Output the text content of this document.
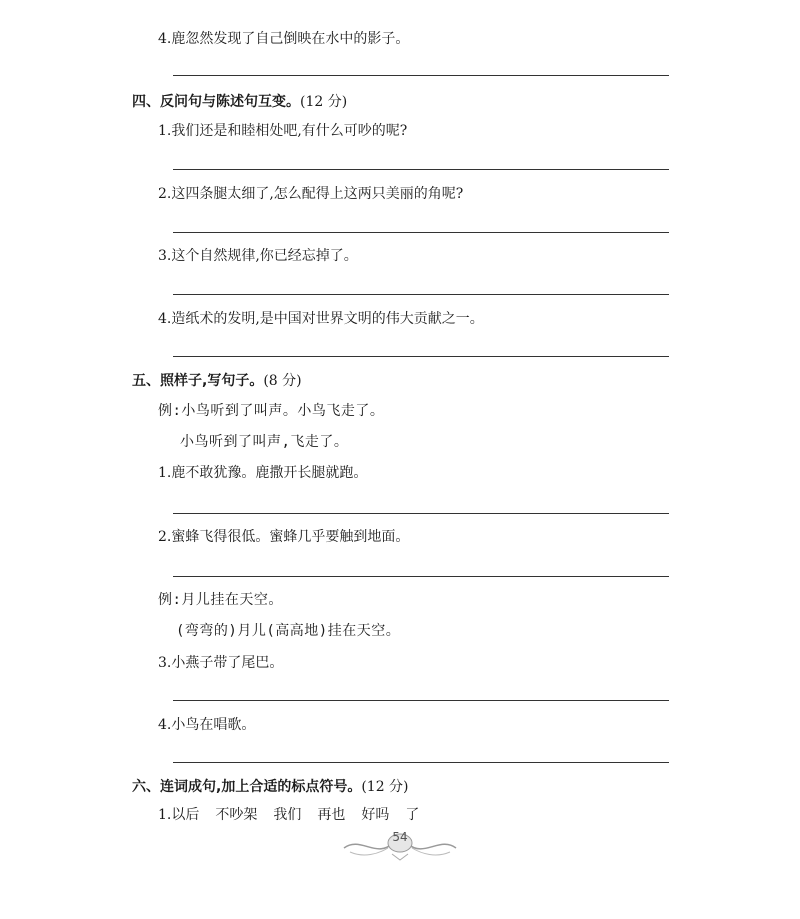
4.鹿忽然发现了自己倒映在水中的影子。
四、反问句与陈述句互变。(12 分)
1.我们还是和睦相处吧,有什么可吵的呢?
2.这四条腿太细了,怎么配得上这两只美丽的角呢?
3.这个自然规律,你已经忘掉了。
4.造纸术的发明,是中国对世界文明的伟大贡献之一。
五、照样子,写句子。(8 分)
例:小鸟听到了叫声。小鸟飞走了。
小鸟听到了叫声,飞走了。
1.鹿不敢犹豫。鹿撒开长腿就跑。
2.蜜蜂飞得很低。蜜蜂几乎要触到地面。
例:月儿挂在天空。
(弯弯的)月儿(高高地)挂在天空。
3.小燕子带了尾巴。
4.小鸟在唱歌。
六、连词成句,加上合适的标点符号。(12 分)
1.以后 不吵架 我们 再也 好吗 了
54
